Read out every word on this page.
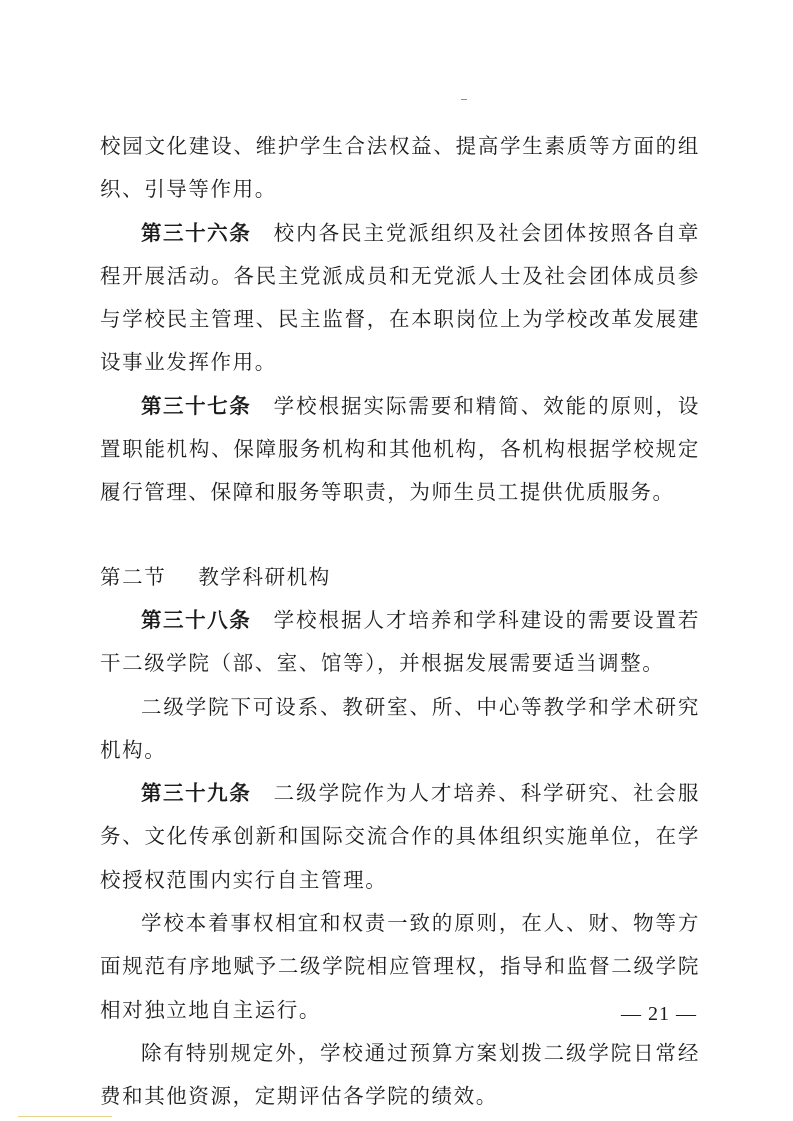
校园文化建设、维护学生合法权益、提高学生素质等方面的组织、引导等作用。

第三十六条 校内各民主党派组织及社会团体按照各自章程开展活动。各民主党派成员和无党派人士及社会团体成员参与学校民主管理、民主监督，在本职岗位上为学校改革发展建设事业发挥作用。

第三十七条 学校根据实际需要和精简、效能的原则，设置职能机构、保障服务机构和其他机构，各机构根据学校规定履行管理、保障和服务等职责，为师生员工提供优质服务。

第二节 教学科研机构

第三十八条 学校根据人才培养和学科建设的需要设置若干二级学院（部、室、馆等），并根据发展需要适当调整。

二级学院下可设系、教研室、所、中心等教学和学术研究机构。

第三十九条 二级学院作为人才培养、科学研究、社会服务、文化传承创新和国际交流合作的具体组织实施单位，在学校授权范围内实行自主管理。

学校本着事权相宜和权责一致的原则，在人、财、物等方面规范有序地赋予二级学院相应管理权，指导和监督二级学院相对独立地自主运行。

除有特别规定外，学校通过预算方案划拨二级学院日常经费和其他资源，定期评估各学院的绩效。

— 21 —
